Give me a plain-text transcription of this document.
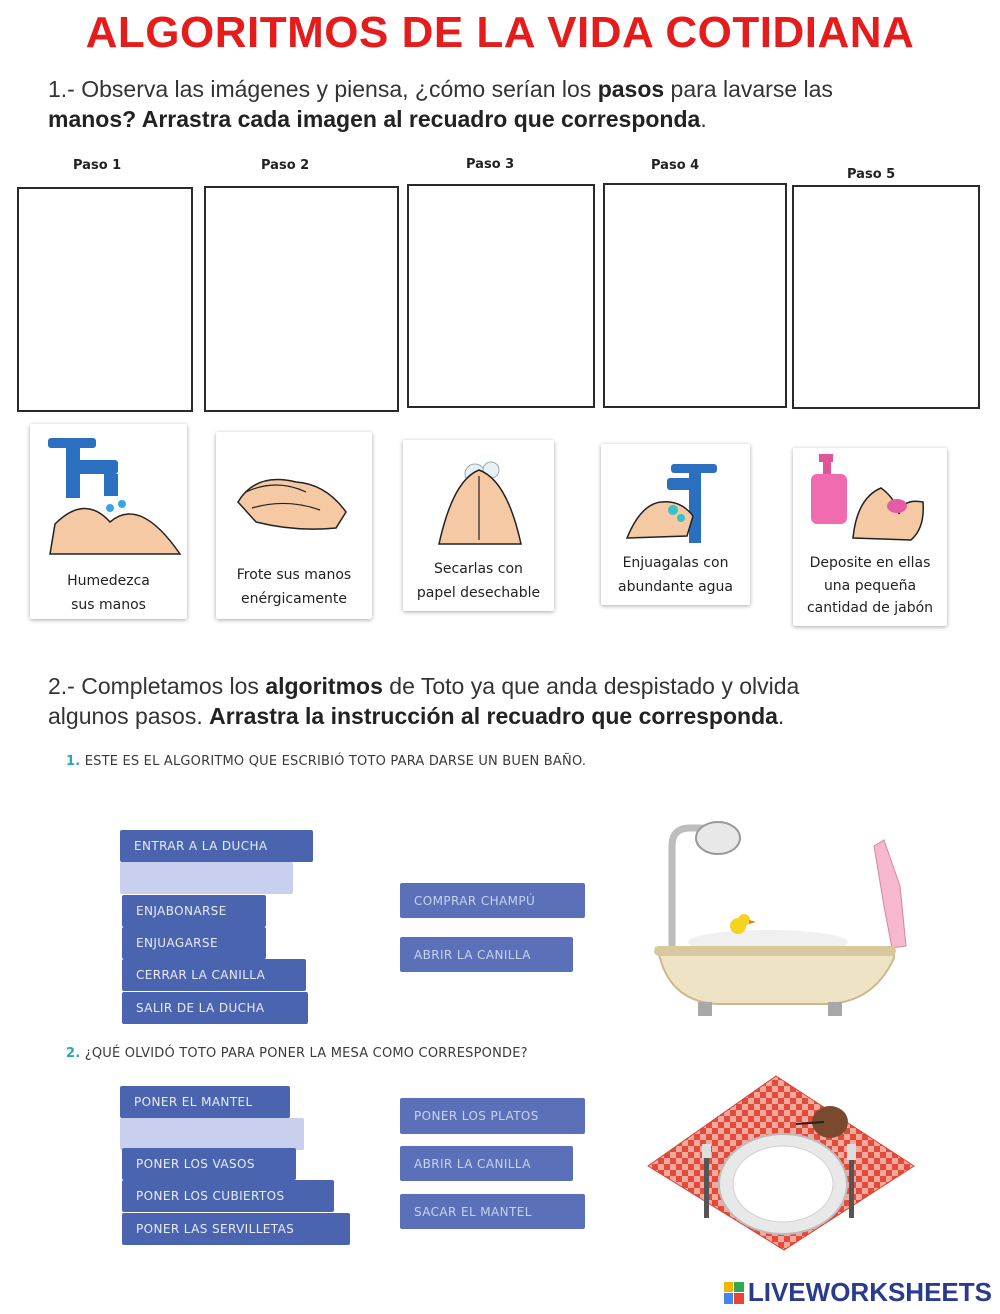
ALGORITMOS DE LA VIDA COTIDIANA
1.- Observa las imágenes y piensa, ¿cómo serían los pasos para lavarse las
manos? Arrastra cada imagen al recuadro que corresponda.
Paso 1	Paso 2	Paso 3	Paso 4
Paso 5
Humedezca
sus manos
Frote sus manos
enérgicamente
Secarlas con
papel desechable
Enjuagalas con
abundante agua
Deposite en ellas
una pequeña
cantidad de jabón
2.- Completamos los algoritmos de Toto ya que anda despistado y olvida
algunos pasos. Arrastra la instrucción al recuadro que corresponda.
1. ESTE ES EL ALGORITMO QUE ESCRIBIÓ TOTO PARA DARSE UN BUEN BAÑO.
ENTRAR A LA DUCHA
ENJABONARSE
ENJUAGARSE
CERRAR LA CANILLA
SALIR DE LA DUCHA
COMPRAR CHAMPÚ
ABRIR LA CANILLA
2. ¿QUÉ OLVIDÓ TOTO PARA PONER LA MESA COMO CORRESPONDE?
PONER EL MANTEL
PONER LOS VASOS
PONER LOS CUBIERTOS
PONER LAS SERVILLETAS
PONER LOS PLATOS
ABRIR LA CANILLA
SACAR EL MANTEL
LIVEWORKSHEETS
